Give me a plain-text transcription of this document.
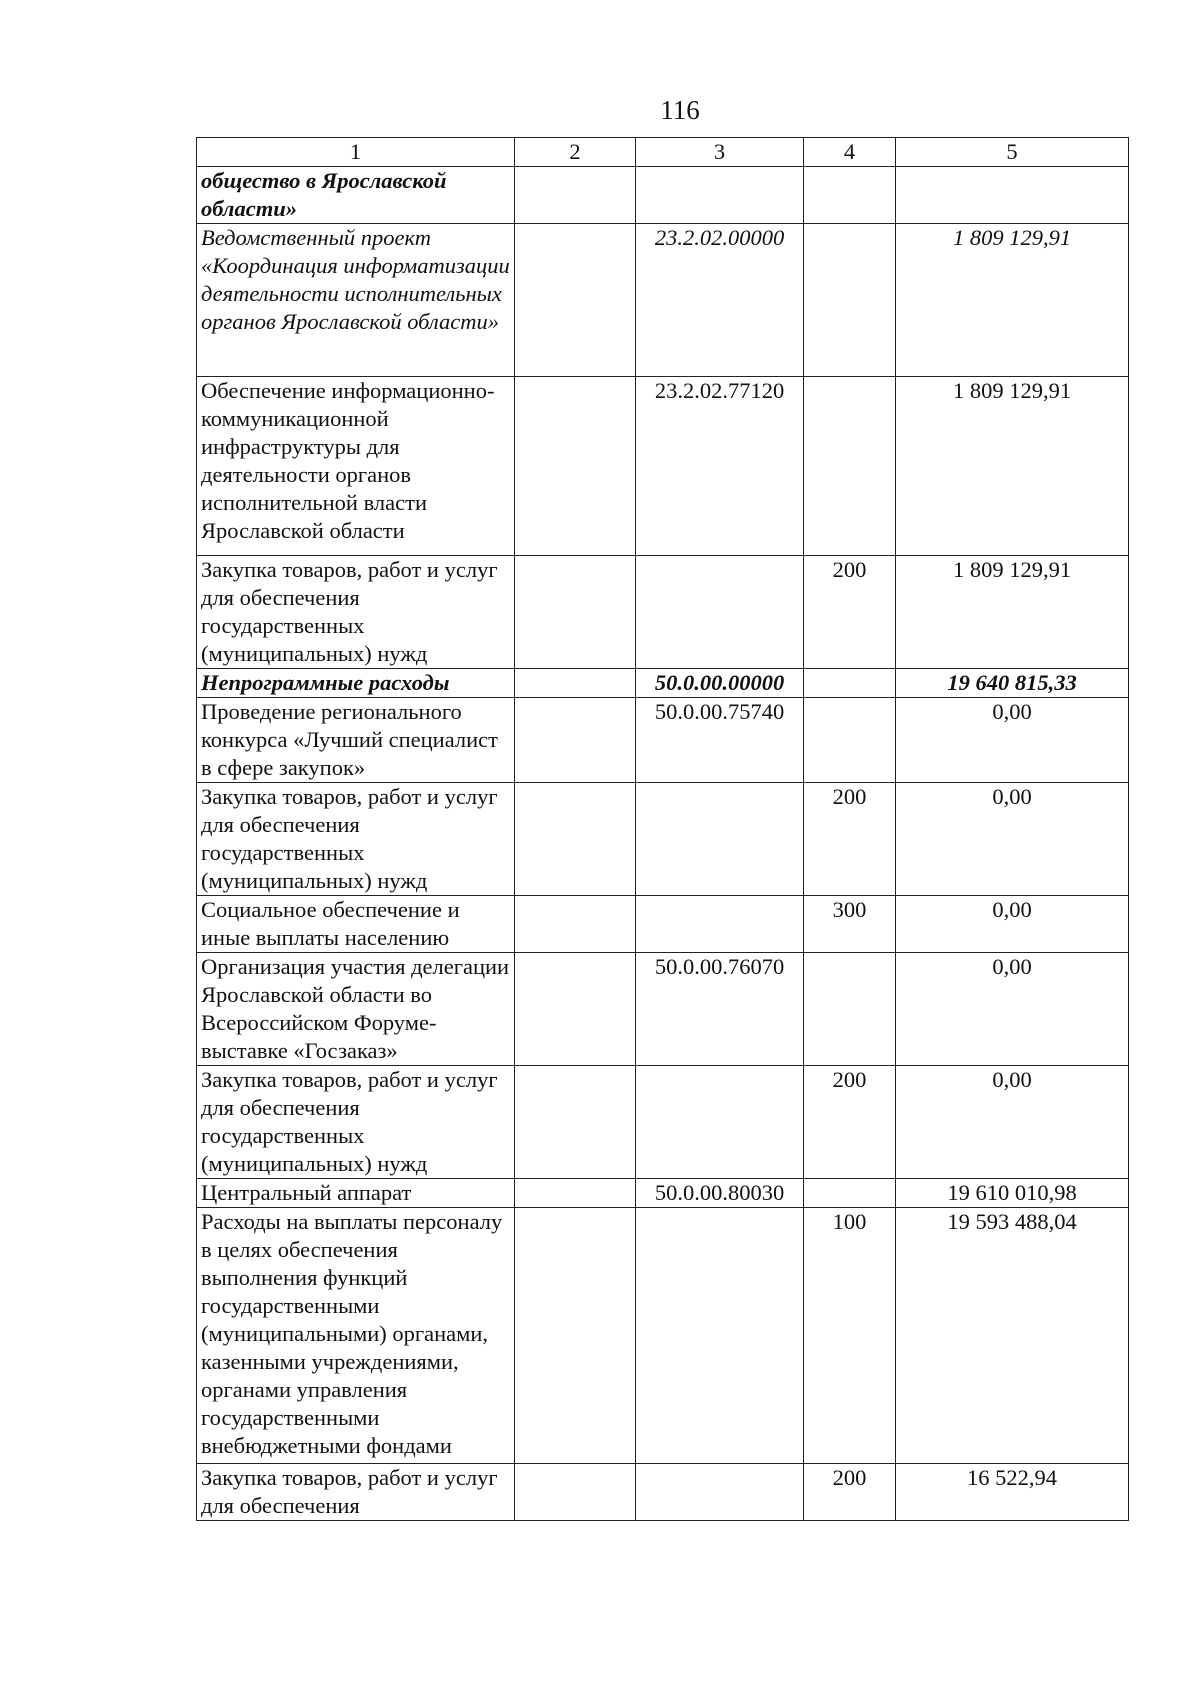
116
1	2	3	4	5
общество в Ярославской области»				
Ведомственный проект «Координация информатизации деятельности исполнительных органов Ярославской области»		23.2.02.00000		1 809 129,91
Обеспечение информационно-коммуникационной инфраструктуры для деятельности органов исполнительной власти Ярославской области		23.2.02.77120		1 809 129,91
Закупка товаров, работ и услуг для обеспечения государственных (муниципальных) нужд			200	1 809 129,91
Непрограммные расходы		50.0.00.00000		19 640 815,33
Проведение регионального конкурса «Лучший специалист в сфере закупок»		50.0.00.75740		0,00
Закупка товаров, работ и услуг для обеспечения государственных (муниципальных) нужд			200	0,00
Социальное обеспечение и иные выплаты населению			300	0,00
Организация участия делегации Ярославской области во Всероссийском Форуме-выставке «Госзаказ»		50.0.00.76070		0,00
Закупка товаров, работ и услуг для обеспечения государственных (муниципальных) нужд			200	0,00
Центральный аппарат		50.0.00.80030		19 610 010,98
Расходы на выплаты персоналу в целях обеспечения выполнения функций государственными (муниципальными) органами, казенными учреждениями, органами управления государственными внебюджетными фондами			100	19 593 488,04
Закупка товаров, работ и услуг для обеспечения			200	16 522,94
